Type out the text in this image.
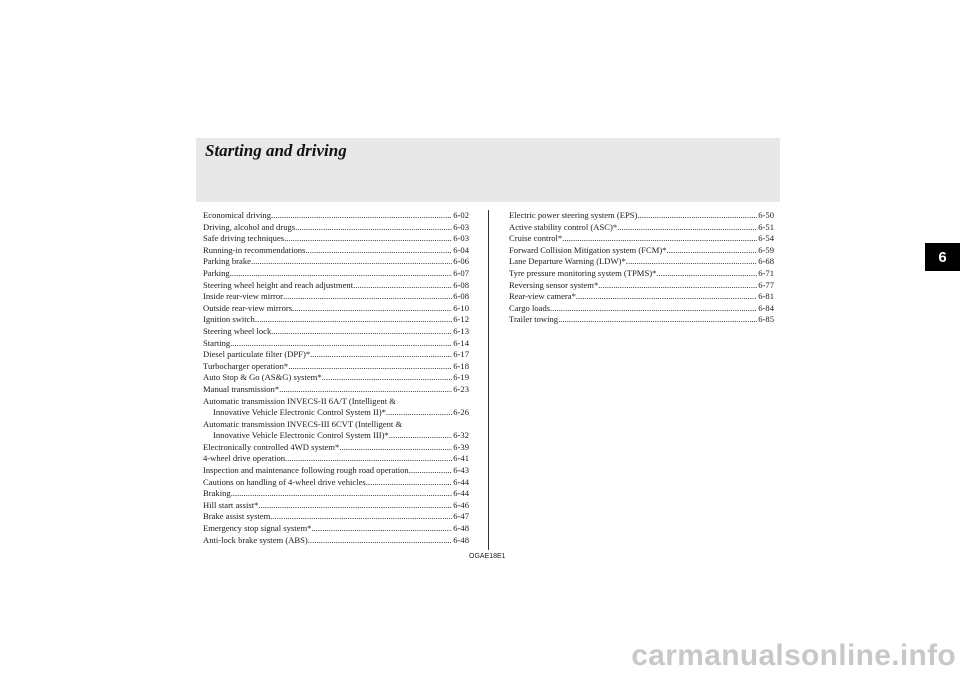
Starting and driving
Economical driving .....	6-02
Driving, alcohol and drugs .....	6-03
Safe driving techniques .....	6-03
Running-in recommendations .....	6-04
Parking brake .....	6-06
Parking .....	6-07
Steering wheel height and reach adjustment .....	6-08
Inside rear-view mirror .....	6-08
Outside rear-view mirrors .....	6-10
Ignition switch .....	6-12
Steering wheel lock .....	6-13
Starting .....	6-14
Diesel particulate filter (DPF)* .....	6-17
Turbocharger operation* .....	6-18
Auto Stop & Go (AS&G) system* .....	6-19
Manual transmission* .....	6-23
Automatic transmission INVECS-II 6A/T (Intelligent &
Innovative Vehicle Electronic Control System II)* .....	6-26
Automatic transmission INVECS-III 6CVT (Intelligent &
Innovative Vehicle Electronic Control System III)* .....	6-32
Electronically controlled 4WD system* .....	6-39
4-wheel drive operation .....	6-41
Inspection and maintenance following rough road operation .....	6-43
Cautions on handling of 4-wheel drive vehicles .....	6-44
Braking .....	6-44
Hill start assist* .....	6-46
Brake assist system .....	6-47
Emergency stop signal system* .....	6-48
Anti-lock brake system (ABS) .....	6-48
Electric power steering system (EPS) .....	6-50
Active stability control (ASC)* .....	6-51
Cruise control* .....	6-54
Forward Collision Mitigation system (FCM)* .....	6-59
Lane Departure Warning (LDW)* .....	6-68
Tyre pressure monitoring system (TPMS)* .....	6-71
Reversing sensor system* .....	6-77
Rear-view camera* .....	6-81
Cargo loads .....	6-84
Trailer towing .....	6-85
6
OGAE18E1
carmanualsonline.info
